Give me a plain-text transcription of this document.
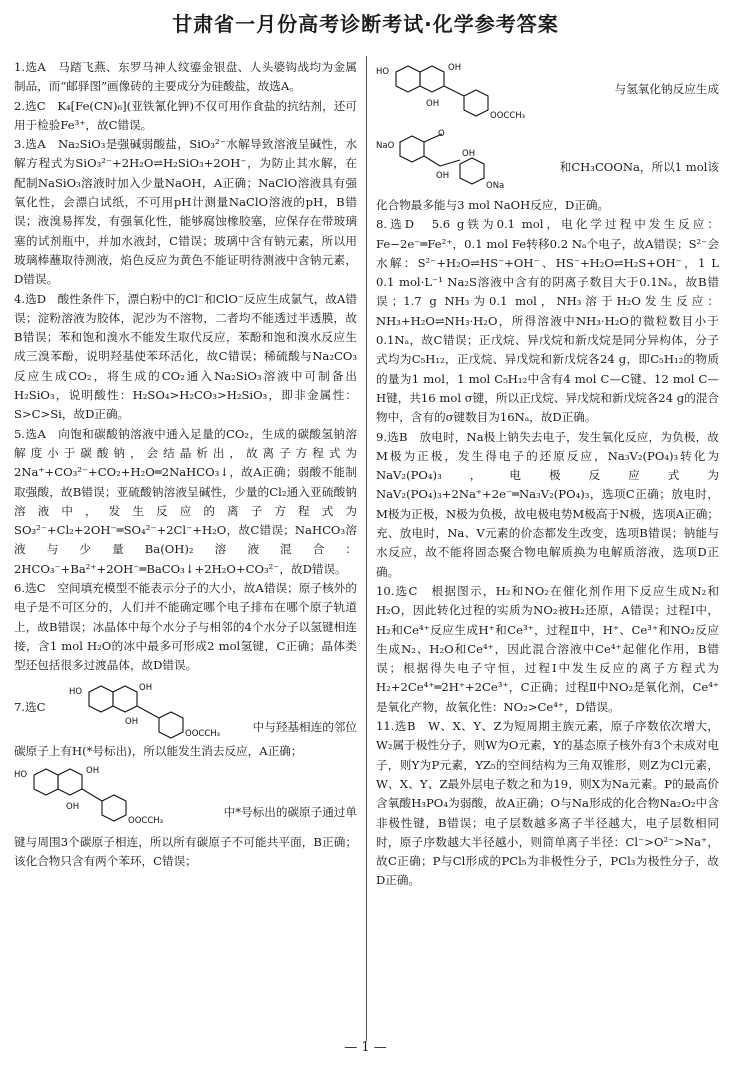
甘肃省一月份高考诊断考试·化学参考答案

1.选A　马踏飞燕、东罗马神人纹鎏金银盘、人头婆钩战均为金属制品，而“邮驿图”画像砖的主要成分为硅酸盐，故选A。

2.选C　K₄[Fe(CN)₆](亚铁氰化钾)不仅可用作食盐的抗结剂，还可用于检验Fe³⁺，故C错误。

3.选A　Na₂SiO₃是强碱弱酸盐，SiO₃²⁻水解导致溶液呈碱性，水解方程式为SiO₃²⁻+2H₂O⇌H₂SiO₃+2OH⁻，为防止其水解，在配制NaSiO₃溶液时加入少量NaOH，A正确；NaClO溶液具有强氧化性，会漂白试纸，不可用pH计测量NaClO溶液的pH，B错误；液溴易挥发，有强氧化性，能够腐蚀橡胶塞，应保存在带玻璃塞的试剂瓶中，并加水液封，C错误；玻璃中含有钠元素，所以用玻璃棒蘸取待测液，焰色反应为黄色不能证明待测液中含钠元素，D错误。

4.选D　酸性条件下，漂白粉中的Cl⁻和ClO⁻反应生成氯气，故A错误；淀粉溶液为胶体，泥沙为不溶物，二者均不能透过半透膜，故B错误；苯和饱和溴水不能发生取代反应，苯酚和饱和溴水反应生成三溴苯酚，说明羟基使苯环活化，故C错误；稀硫酸与Na₂CO₃反应生成CO₂，将生成的CO₂通入Na₂SiO₃溶液中可制备出H₂SiO₃，说明酸性：H₂SO₄>H₂CO₃>H₂SiO₃，即非金属性：S>C>Si，故D正确。

5.选A　向饱和碳酸钠溶液中通入足量的CO₂，生成的碳酸氢钠溶解度小于碳酸钠，会结晶析出，故离子方程式为2Na⁺+CO₃²⁻+CO₂+H₂O═2NaHCO₃↓，故A正确；弱酸不能制取强酸，故B错误；亚硫酸钠溶液呈碱性，少量的Cl₂通入亚硫酸钠溶液中，发生反应的离子方程式为SO₃²⁻+Cl₂+2OH⁻═SO₄²⁻+2Cl⁻+H₂O，故C错误；NaHCO₃溶液与少量Ba(OH)₂溶液混合：2HCO₃⁻+Ba²⁺+2OH⁻═BaCO₃↓+2H₂O+CO₃²⁻，故D错误。

6.选C　空间填充模型不能表示分子的大小，故A错误；原子核外的电子是不可区分的，人们并不能确定哪个电子排布在哪个原子轨道上，故B错误；冰晶体中每个水分子与相邻的4个水分子以氢键相连接，含1 mol H₂O的冰中最多可形成2 mol氢键，C正确；晶体类型还包括很多过渡晶体，故D错误。

7.选C
HO	OH
OH
OOCCH₃	中与羟基相连的邻位

碳原子上有H(*号标出)，所以能发生消去反应，A正确；

HO	OH
OH
OOCCH₃
中*号标出的碳原子通过单

键与周围3个碳原子相连，所以所有碳原子不可能共平面，B正确；该化合物只含有两个苯环，C错误；

HO	OH
OH
OOCCH₃
与氢氧化钠反应生成
NaO
O
OH
OH
ONa
和CH₃COONa，所以1 mol该

化合物最多能与3 mol NaOH反应，D正确。

8.选D　5.6 g铁为0.1 mol，电化学过程中发生反应：Fe−2e⁻═Fe²⁺，0.1 mol Fe转移0.2 Nₐ个电子，故A错误；S²⁻会水解：S²⁻+H₂O⇌HS⁻+OH⁻、HS⁻+H₂O⇌H₂S+OH⁻，1 L 0.1 mol·L⁻¹ Na₂S溶液中含有的阴离子数目大于0.1Nₐ，故B错误；1.7 g NH₃为0.1 mol，NH₃溶于H₂O发生反应：NH₃+H₂O⇌NH₃·H₂O，所得溶液中NH₃·H₂O的微粒数目小于0.1Nₐ，故C错误；正戊烷、异戊烷和新戊烷是同分异构体，分子式均为C₅H₁₂，正戊烷、异戊烷和新戊烷各24 g，即C₅H₁₂的物质的量为1 mol，1 mol C₅H₁₂中含有4 mol C—C键、12 mol C—H键，共16 mol σ键，所以正戊烷、异戊烷和新戊烷各24 g的混合物中，含有的σ键数目为16Nₐ，故D正确。

9.选B　放电时，Na极上钠失去电子，发生氧化反应，为负极，故M极为正极，发生得电子的还原反应，Na₃V₂(PO₄)₃转化为NaV₂(PO₄)₃，电极反应式为NaV₂(PO₄)₃+2Na⁺+2e⁻═Na₃V₂(PO₄)₃，选项C正确；放电时，M极为正极，N极为负极，故电极电势M极高于N极，选项A正确；充、放电时，Na、V元素的价态都发生改变，选项B错误；钠能与水反应，故不能将固态聚合物电解质换为电解质溶液，选项D正确。

10.选C　根据图示，H₂和NO₂在催化剂作用下反应生成N₂和H₂O，因此转化过程的实质为NO₂被H₂还原，A错误；过程Ⅰ中，H₂和Ce⁴⁺反应生成H⁺和Ce³⁺，过程Ⅱ中，H⁺、Ce³⁺和NO₂反应生成N₂、H₂O和Ce⁴⁺，因此混合溶液中Ce⁴⁺起催化作用，B错误；根据得失电子守恒，过程Ⅰ中发生反应的离子方程式为H₂+2Ce⁴⁺═2H⁺+2Ce³⁺，C正确；过程Ⅱ中NO₂是氧化剂，Ce⁴⁺是氧化产物，故氧化性：NO₂>Ce⁴⁺，D错误。

11.选B　W、X、Y、Z为短周期主族元素，原子序数依次增大，W₂属于极性分子，则W为O元素，Y的基态原子核外有3个未成对电子，则Y为P元素，YZ₅的空间结构为三角双锥形，则Z为Cl元素，W、X、Y、Z最外层电子数之和为19，则X为Na元素。P的最高价含氧酸H₃PO₄为弱酸，故A正确；O与Na形成的化合物Na₂O₂中含非极性键，B错误；电子层数越多离子半径越大，电子层数相同时，原子序数越大半径越小，则简单离子半径：Cl⁻>O²⁻>Na⁺，故C正确；P与Cl形成的PCl₅为非极性分子，PCl₃为极性分子，故D正确。

— 1 —
